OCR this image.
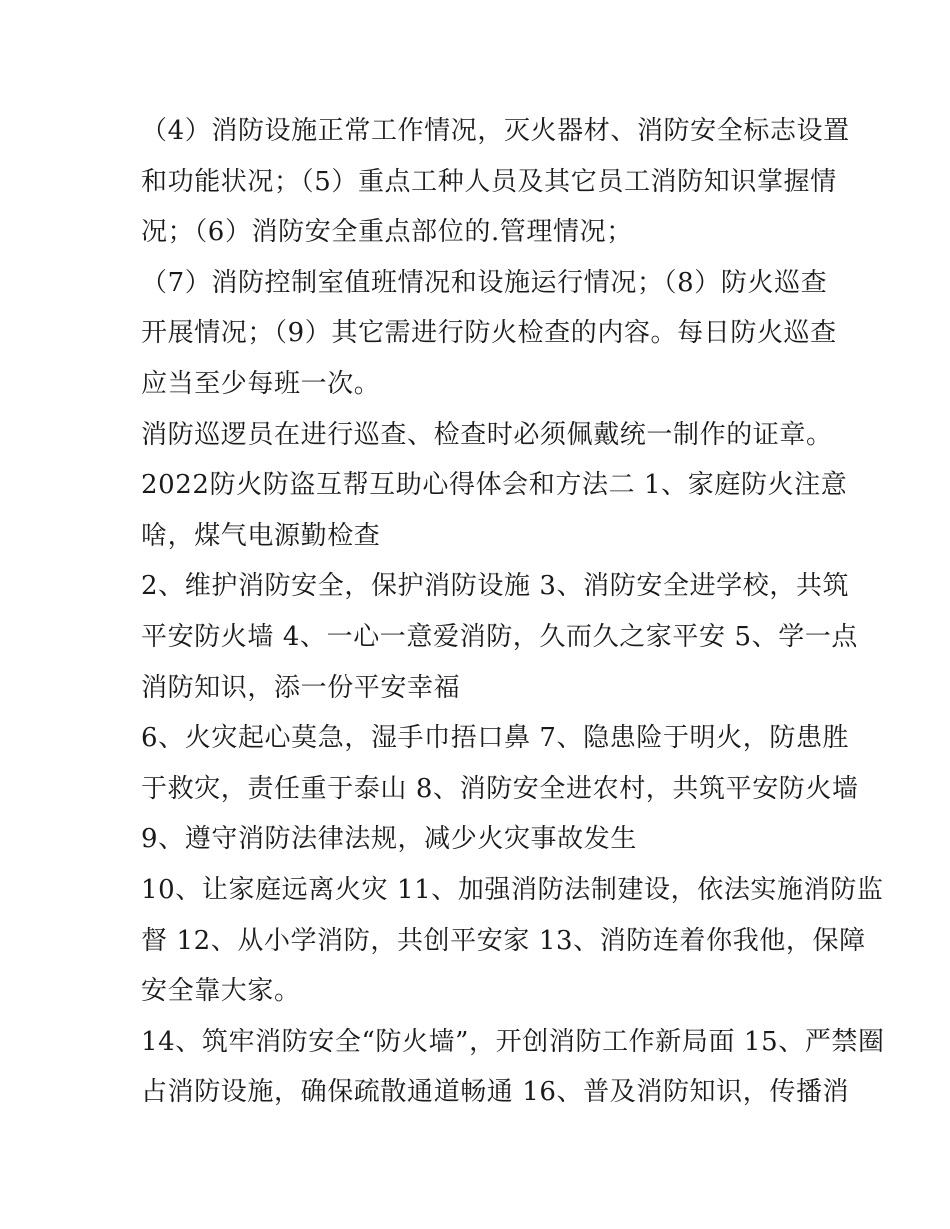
（4）消防设施正常工作情况，灭火器材、消防安全标志设置
和功能状况；（5）重点工种人员及其它员工消防知识掌握情
况；（6）消防安全重点部位的.管理情况；
（7）消防控制室值班情况和设施运行情况；（8）防火巡查
开展情况；（9）其它需进行防火检查的内容。每日防火巡查
应当至少每班一次。
消防巡逻员在进行巡查、检查时必须佩戴统一制作的证章。
2022防火防盗互帮互助心得体会和方法二 1、家庭防火注意
啥，煤气电源勤检查
2、维护消防安全，保护消防设施 3、消防安全进学校，共筑
平安防火墙 4、一心一意爱消防，久而久之家平安 5、学一点
消防知识，添一份平安幸福
6、火灾起心莫急，湿手巾捂口鼻 7、隐患险于明火，防患胜
于救灾，责任重于泰山 8、消防安全进农村，共筑平安防火墙
9、遵守消防法律法规，减少火灾事故发生
10、让家庭远离火灾 11、加强消防法制建设，依法实施消防监
督 12、从小学消防，共创平安家 13、消防连着你我他，保障
安全靠大家。
14、筑牢消防安全“防火墙”，开创消防工作新局面 15、严禁圈
占消防设施，确保疏散通道畅通 16、普及消防知识，传播消
